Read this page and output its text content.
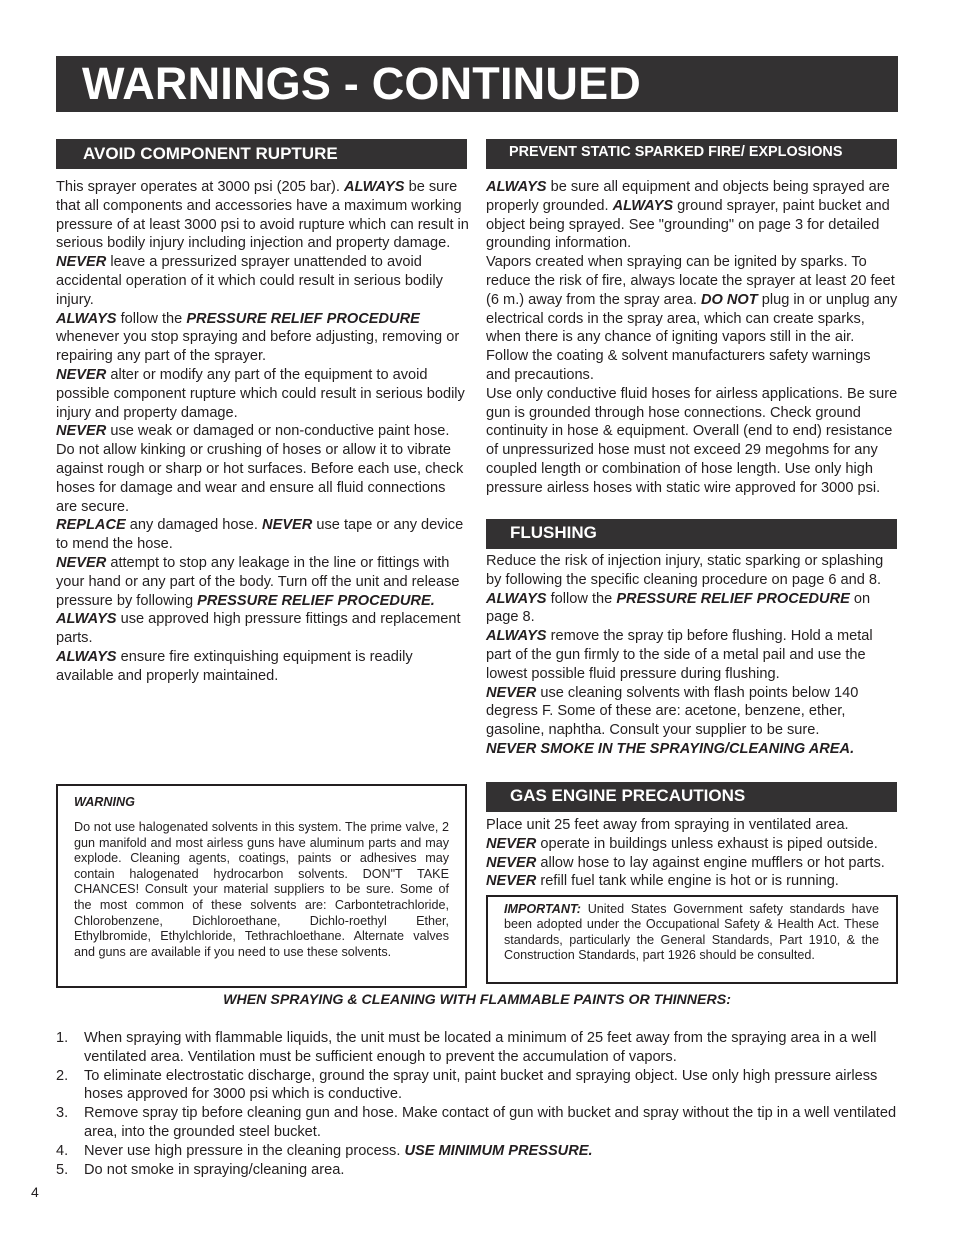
WARNINGS - CONTINUED
AVOID COMPONENT RUPTURE

This sprayer operates at 3000 psi (205 bar). ALWAYS be sure that all components and accessories have a maximum working pressure of at least 3000 psi to avoid rupture which can result in serious bodily injury including injection and property damage.

NEVER leave a pressurized sprayer unattended to avoid accidental operation of it which could result in serious bodily injury.

ALWAYS follow the PRESSURE RELIEF PROCEDURE whenever you stop spraying and before adjusting, removing or repairing any part of the sprayer.

NEVER alter or modify any part of the equipment to avoid possible component rupture which could result in serious bodily injury and property damage.

NEVER use weak or damaged or non-conductive paint hose. Do not allow kinking or crushing of hoses or allow it to vibrate against rough or sharp or hot surfaces. Before each use, check hoses for damage and wear and ensure all fluid connections are secure.

REPLACE any damaged hose. NEVER use tape or any device to mend the hose.

NEVER attempt to stop any leakage in the line or fittings with your hand or any part of the body. Turn off the unit and release pressure by following PRESSURE RELIEF PROCEDURE.

ALWAYS use approved high pressure fittings and replacement parts.

ALWAYS ensure fire extinquishing equipment is readily available and properly maintained.

WARNING
Do not use halogenated solvents in this system. The prime valve, 2 gun manifold and most airless guns have aluminum parts and may explode. Cleaning agents, coatings, paints or adhesives may contain halogenated hydrocarbon solvents. DON"T TAKE CHANCES! Consult your material suppliers to be sure. Some of the most common of these solvents are: Carbontetrachloride, Chlorobenzene, Dichloroethane, Dichlo-roethyl Ether, Ethylbromide, Ethylchloride, Tethrachloethane. Alternate valves and guns are available if you need to use these solvents.
PREVENT STATIC SPARKED FIRE/ EXPLOSIONS

ALWAYS be sure all equipment and objects being sprayed are properly grounded. ALWAYS ground sprayer, paint bucket and object being sprayed. See "grounding" on page 3 for detailed grounding information.

Vapors created when spraying can be ignited by sparks. To reduce the risk of fire, always locate the sprayer at least 20 feet (6 m.) away from the spray area. DO NOT plug in or unplug any electrical cords in the spray area, which can create sparks, when there is any chance of igniting vapors still in the air. Follow the coating & solvent manufacturers safety warnings and precautions.

Use only conductive fluid hoses for airless applications. Be sure gun is grounded through hose connections. Check ground continuity in hose & equipment. Overall (end to end) resistance of unpressurized hose must not exceed 29 megohms for any coupled length or combination of hose length. Use only high pressure airless hoses with static wire approved for 3000 psi.

FLUSHING

Reduce the risk of injection injury, static sparking or splashing by following the specific cleaning procedure on page 6 and 8.

ALWAYS follow the PRESSURE RELIEF PROCEDURE on page 8.

ALWAYS remove the spray tip before flushing. Hold a metal part of the gun firmly to the side of a metal pail and use the lowest possible fluid pressure during flushing.

NEVER use cleaning solvents with flash points below 140 degress F. Some of these are: acetone, benzene, ether, gasoline, naphtha. Consult your supplier to be sure.

NEVER SMOKE IN THE SPRAYING/CLEANING AREA.

GAS ENGINE PRECAUTIONS

Place unit 25 feet away from spraying in ventilated area.

NEVER operate in buildings unless exhaust is piped outside.

NEVER allow hose to lay against engine mufflers or hot parts.

NEVER refill fuel tank while engine is hot or is running.

IMPORTANT: United States Government safety standards have been adopted under the Occupational Safety & Health Act. These standards, particularly the General Standards, Part 1910, & the Construction Standards, part 1926 should be consulted.
WHEN SPRAYING & CLEANING WITH FLAMMABLE PAINTS OR THINNERS:
1. When spraying with flammable liquids, the unit must be located a minimum of 25 feet away from the spraying area in a well ventilated area. Ventilation must be sufficient enough to prevent the accumulation of vapors.
2. To eliminate electrostatic discharge, ground the spray unit, paint bucket and spraying object. Use only high pressure airless hoses approved for 3000 psi which is conductive.
3. Remove spray tip before cleaning gun and hose. Make contact of gun with bucket and spray without the tip in a well ventilated area, into the grounded steel bucket.
4. Never use high pressure in the cleaning process. USE MINIMUM PRESSURE.
5. Do not smoke in spraying/cleaning area.
4
